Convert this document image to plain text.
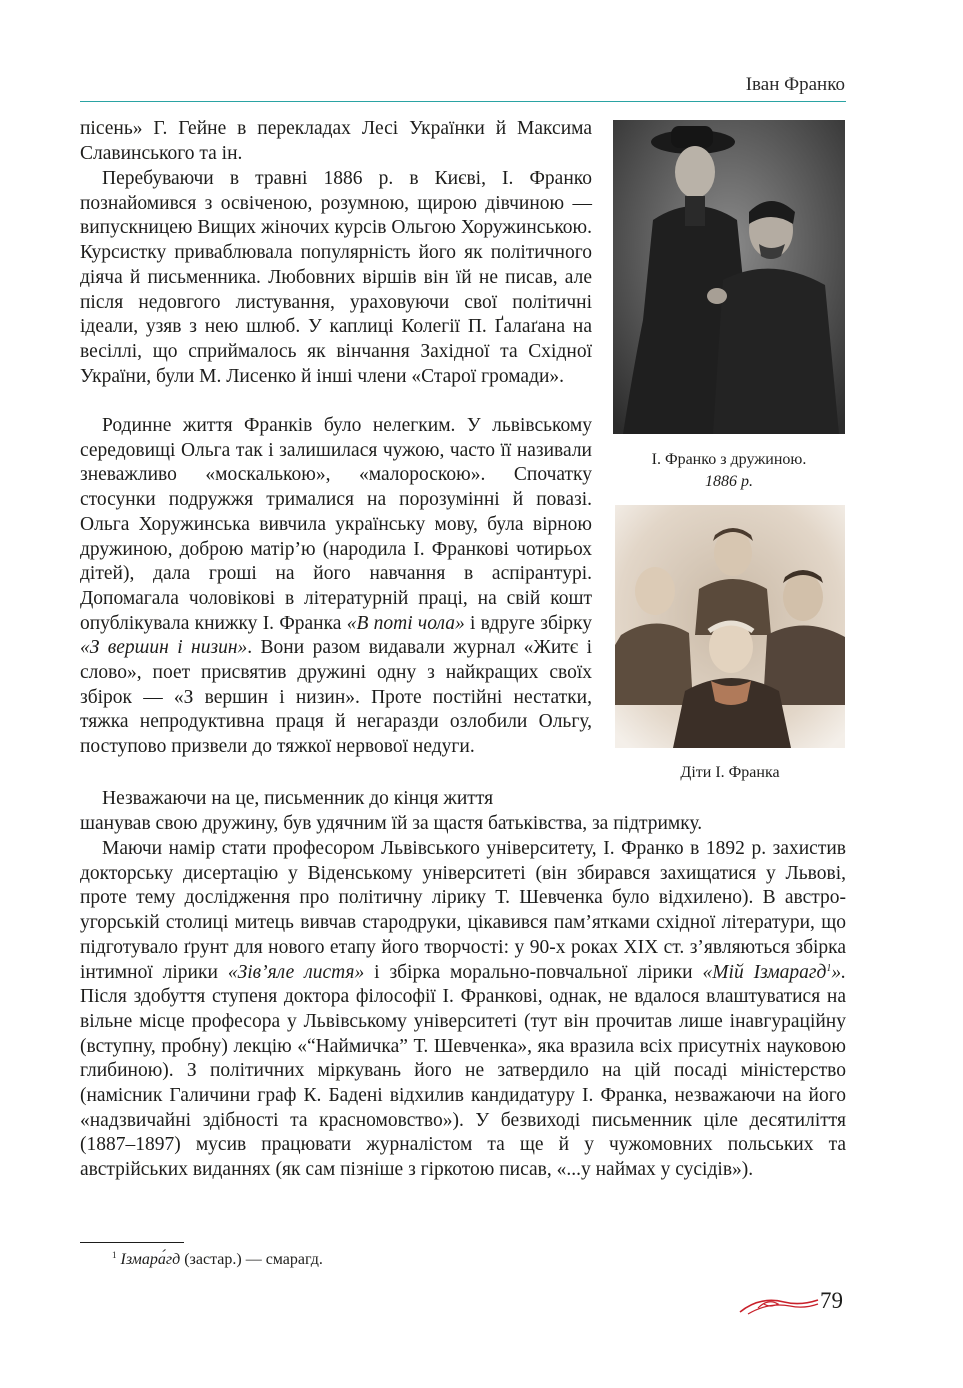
Іван Франко

пісень» Г. Гейне в перекладах Лесі Українки й Максима Славинського та ін.

Перебуваючи в травні 1886 р. в Києві, І. Франко познайомився з освіченою, розумною, щирою дівчиною — випускницею Вищих жіночих курсів Ольгою Хоружинською. Курсистку приваблювала популярність його як політичного діяча й письменника. Любовних віршів він їй не писав, але після недовгого листування, ураховуючи свої політичні ідеали, узяв з нею шлюб. У каплиці Колегії П. Ґалаґана на весіллі, що сприймалось як вінчання Західної та Східної України, були М. Лисенко й інші члени «Старої громади».

Родинне життя Франків було нелегким. У львівському середовищі Ольга так і залишилася чужою, часто її називали зневажливо «москалькою», «малороскою». Спочатку стосунки подружжя трималися на порозумінні й повазі. Ольга Хоружинська вивчила українську мову, була вірною дружиною, доброю матір’ю (народила І. Франкові чотирьох дітей), дала гроші на його навчання в аспірантурі. Допомагала чоловікові в літературній праці, на свій кошт опублікувала книжку І. Франка «В поті чола» і вдруге збірку «З вершин і низин». Вони разом видавали журнал «Житє і слово», поет присвятив дружині одну з найкращих своїх збірок — «З вершин і низин». Проте постійні нестатки, тяжка непродуктивна праця й негаразди озлобили Ольгу, поступово призвели до тяжкої нервової недуги.

Незважаючи на це, письменник до кінця життя

шанував свою дружину, був удячним їй за щастя батьківства, за підтримку.

Маючи намір стати професором Львівського університету, І. Франко в 1892 р. захистив докторську дисертацію у Віденському університеті (він збирався захищатися у Львові, проте тему дослідження про політичну лірику Т. Шевченка було відхилено). В австро-угорській столиці митець вивчав стародруки, цікавився пам’ятками східної літератури, що підготувало ґрунт для нового етапу його творчості: у 90-х роках XIX ст. з’являються збірка інтимної лірики «Зів’яле листя» і збірка морально-повчальної лірики «Мій Ізмарагд$^1$». Після здобуття ступеня доктора філософії І. Франкові, однак, не вдалося влаштуватися на вільне місце професора у Львівському університеті (тут він прочитав лише інавгураційну (вступну, пробну) лекцію «“Наймичка” Т. Шевченка», яка вразила всіх присутніх науковою глибиною). З політичних міркувань його не затвердило на цій посаді міністерство (намісник Галичини граф К. Бадені відхилив кандидатуру І. Франка, незважаючи на його «надзвичайні здібності та красномовство»). У безвиході письменник ціле десятиліття (1887–1897) мусив працювати журналістом та ще й у чужомовних польських та австрійських виданнях (як сам пізніше з гіркотою писав, «...у наймах у сусідів»).

І. Франко з дружиною.
1886 р.
Діти І. Франка
$^1$ Ізмара́гд (застар.) — смарагд.
79
